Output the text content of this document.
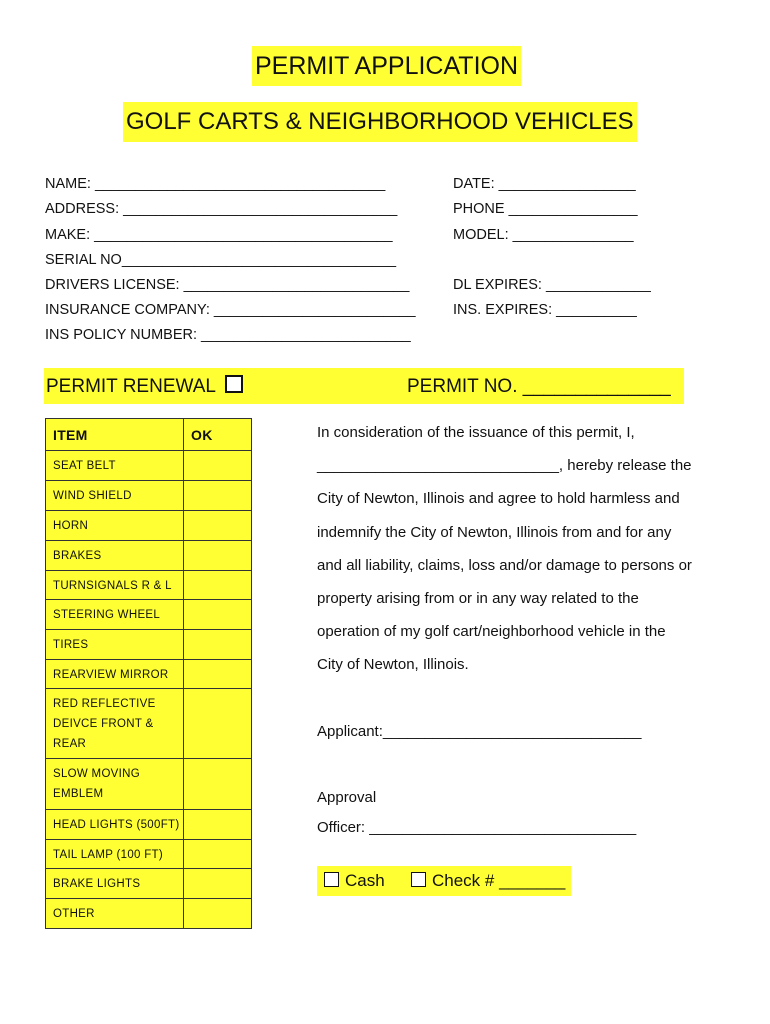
PERMIT APPLICATION
GOLF CARTS & NEIGHBORHOOD VEHICLES
NAME: ____________________________________	DATE: _________________
ADDRESS: __________________________________	PHONE ________________
MAKE: _____________________________________	MODEL: _______________
SERIAL NO__________________________________
DRIVERS LICENSE: ____________________________	DL EXPIRES: _____________
INSURANCE COMPANY: _________________________	INS. EXPIRES: __________
INS POLICY NUMBER: __________________________
PERMIT RENEWAL	PERMIT NO. ______________
ITEM	OK

SEAT BELT	

WIND SHIELD	

HORN	

BRAKES	

TURNSIGNALS R & L	

STEERING WHEEL	

TIRES	

REARVIEW MIRROR	

RED REFLECTIVE
DEIVCE FRONT &
REAR	

SLOW MOVING
EMBLEM	

HEAD LIGHTS (500FT)	

TAIL LAMP (100 FT)	

BRAKE LIGHTS	

OTHER	

In consideration of the issuance of this permit, I,
_____________________________, hereby release the
City of Newton, Illinois and agree to hold harmless and
indemnify the City of Newton, Illinois from and for any
and all liability, claims, loss and/or damage to persons or
property arising from or in any way related to the
operation of my golf cart/neighborhood vehicle in the
City of Newton, Illinois.
Applicant:_______________________________
Approval
Officer: ________________________________
Cash	Check # _______
